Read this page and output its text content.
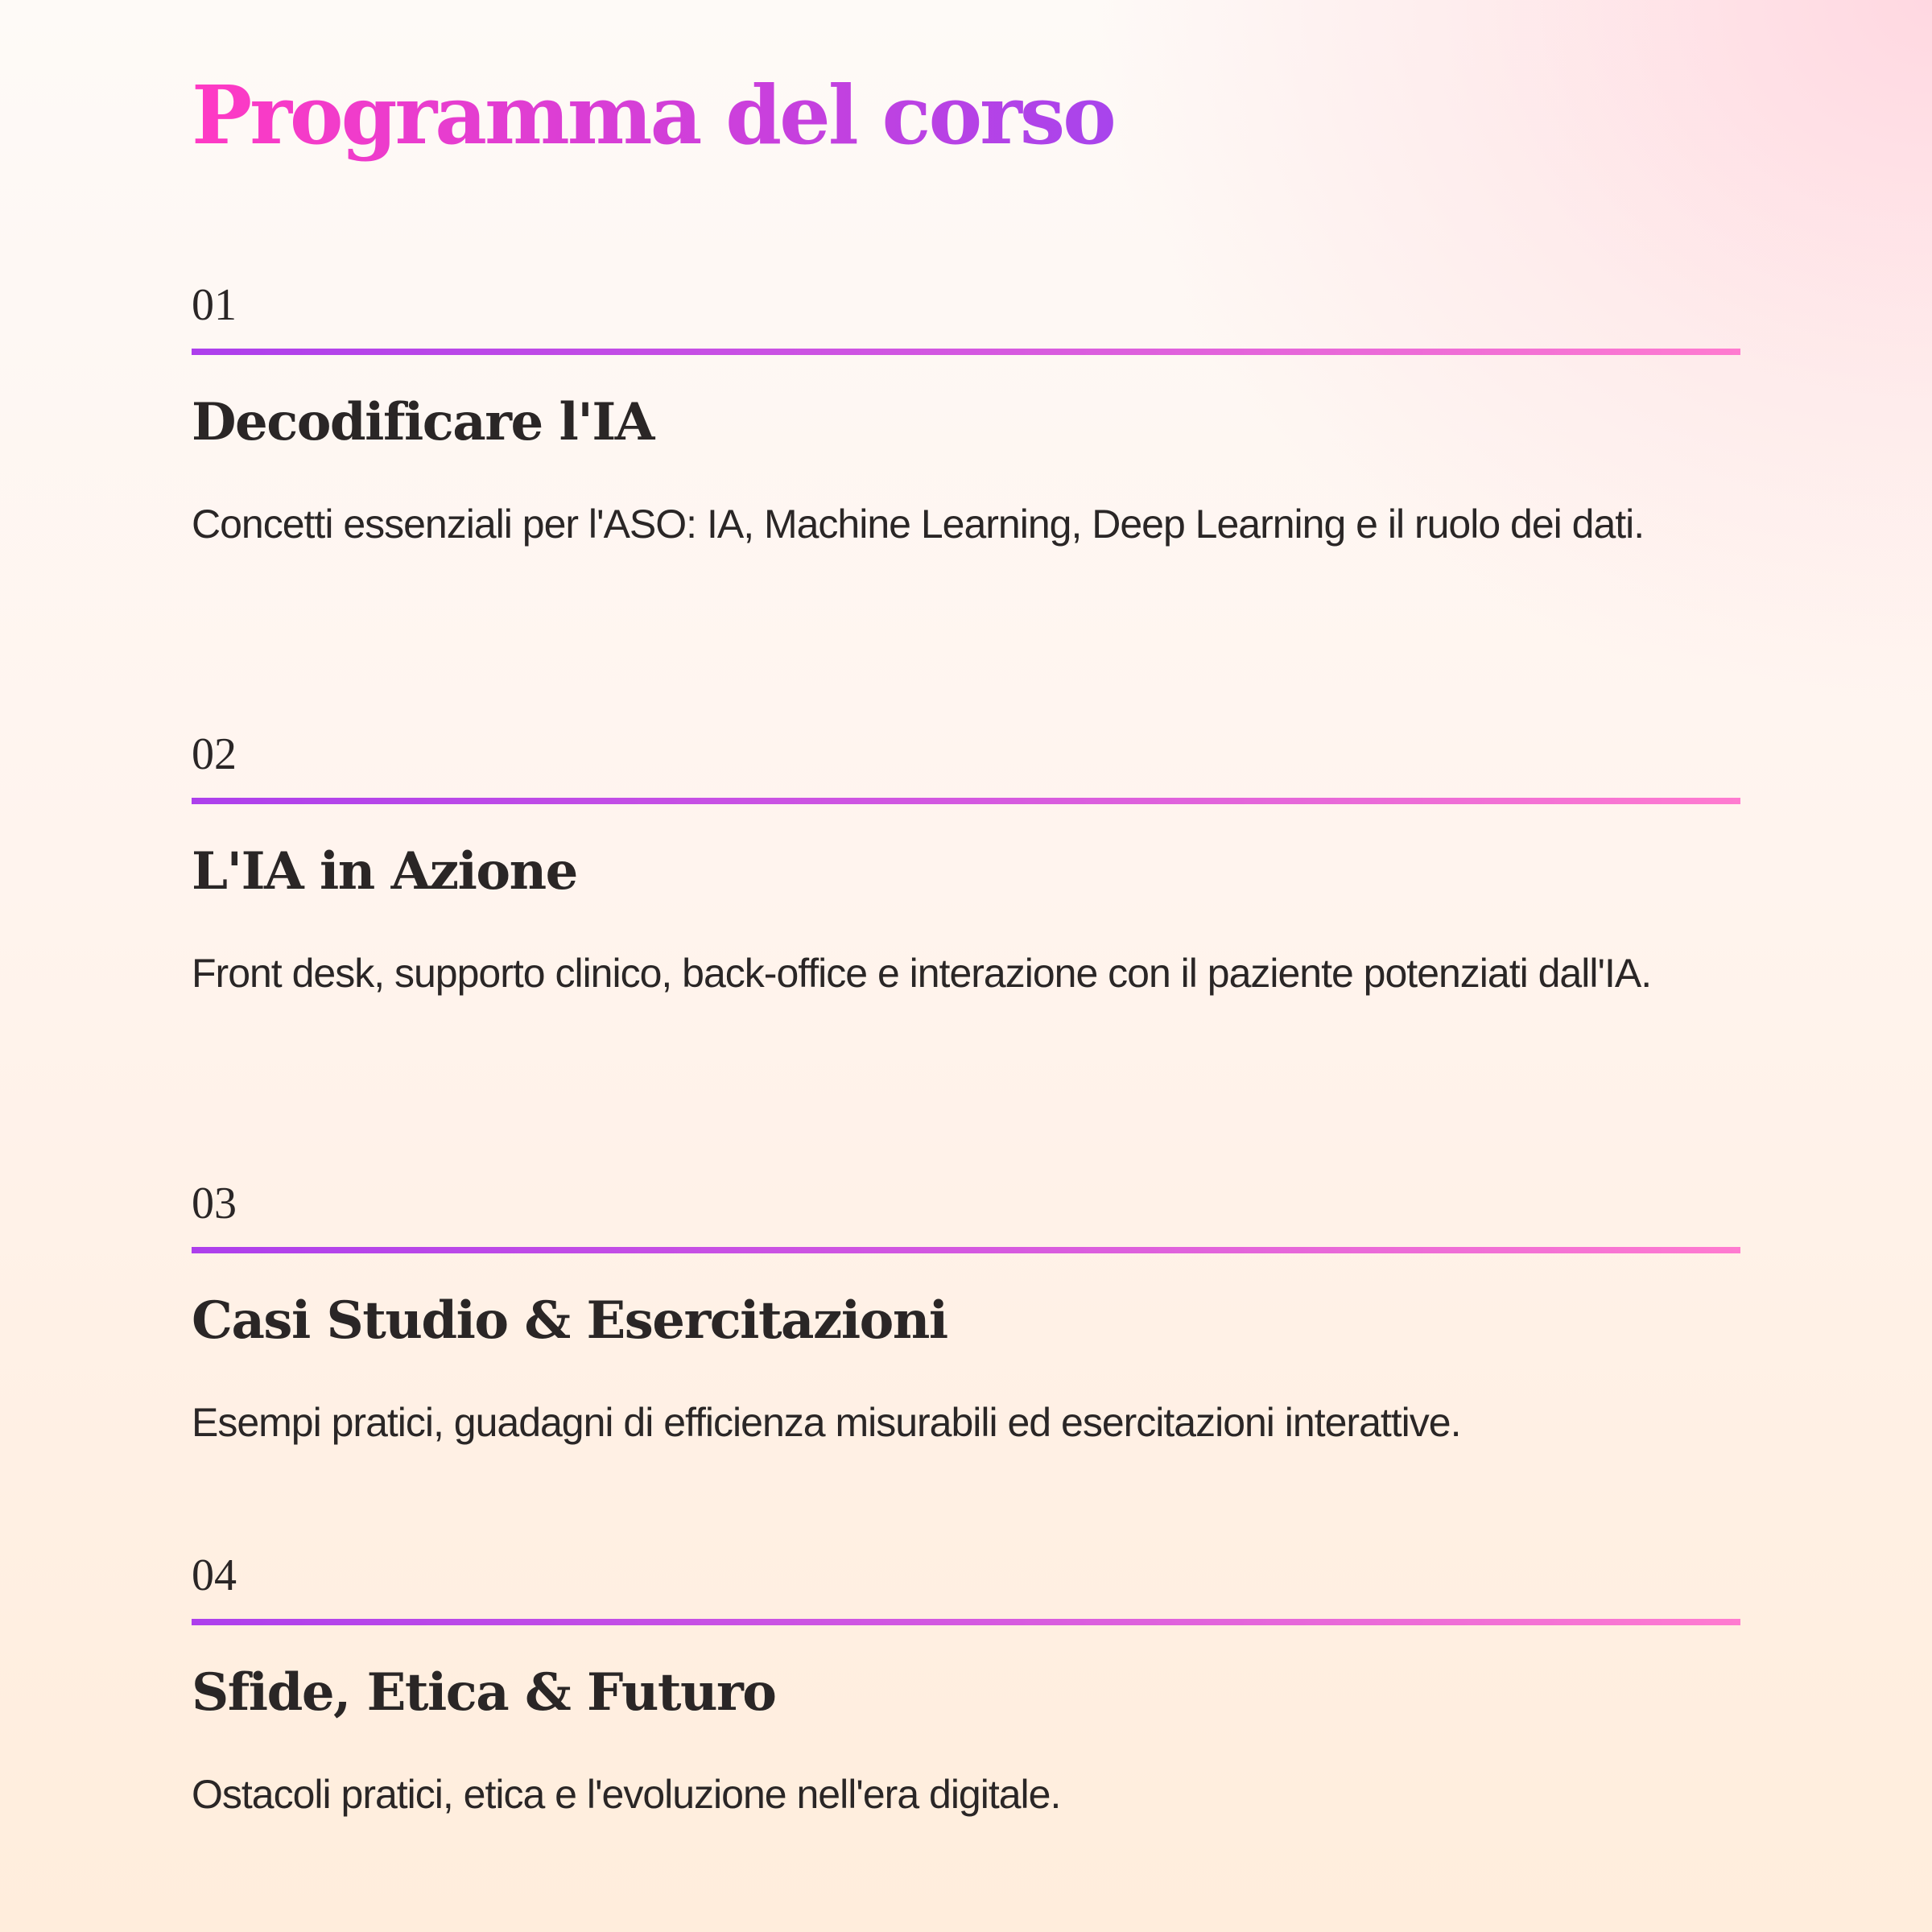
Programma del corso
01
Decodificare l'IA

Concetti essenziali per l'ASO: IA, Machine Learning, Deep Learning e il ruolo dei dati.

02
L'IA in Azione

Front desk, supporto clinico, back-office e interazione con il paziente potenziati dall'IA.

03
Casi Studio & Esercitazioni

Esempi pratici, guadagni di efficienza misurabili ed esercitazioni interattive.

04
Sfide, Etica & Futuro

Ostacoli pratici, etica e l'evoluzione nell'era digitale.
